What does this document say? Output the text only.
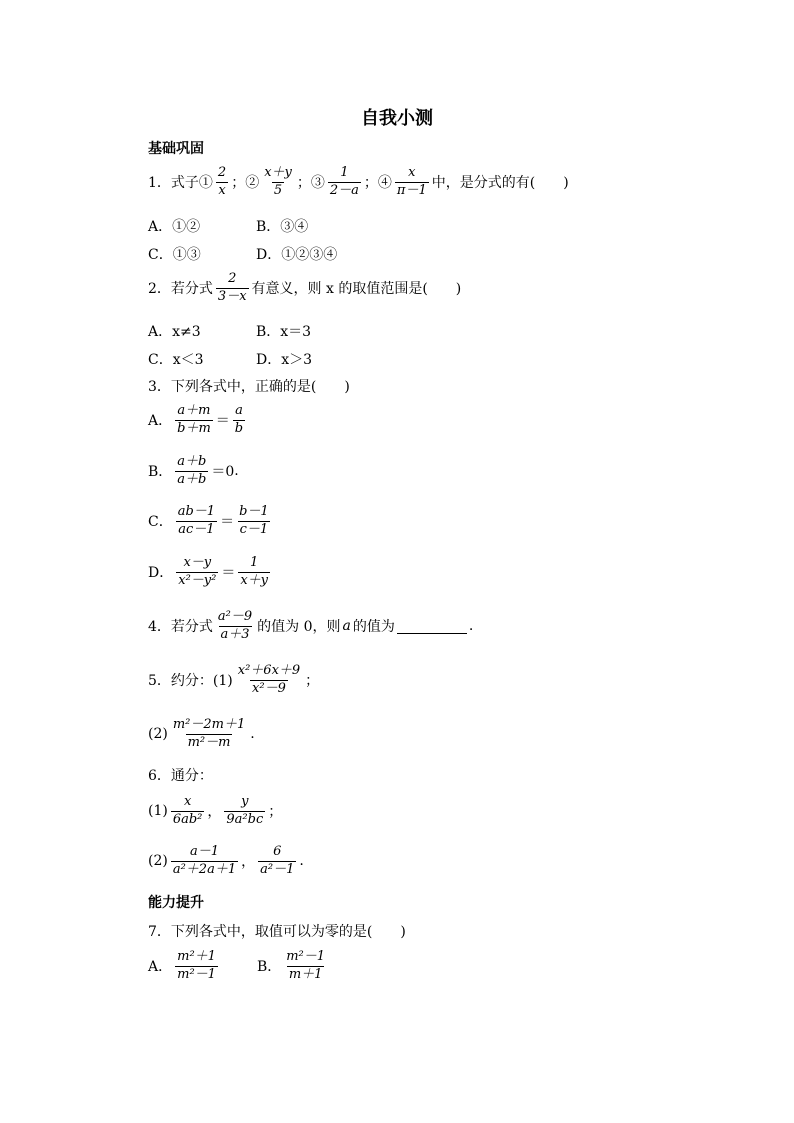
自我小测
基础巩固
1．式子① $\frac{2}{x}$ ；② $\frac{x+y}{5}$ ；③ $\frac{1}{2-a}$ ；④ $\frac{x}{\pi-1}$ 中，是分式的有(　　)
A．①②	B．③④
C．①③	D．①②③④
2．若分式 $\frac{2}{3-x}$ 有意义，则 x 的取值范围是(　　)
A．x≠3	B．x＝3
C．x＜3	D．x＞3
3．下列各式中，正确的是(　　)
A． $\frac{a+m}{b+m} = \frac{a}{b}$
B． $\frac{a+b}{a+b} =0$ .
C． $\frac{ab-1}{ac-1} = \frac{b-1}{c-1}$
D． $\frac{x-y}{\text{x²－y²}} = \frac{1}{x+y}$
4．若分式 $\frac{\text{a²－9}}{a+3}$ 的值为 0，则 a 的值为	.
5．约分：$(1) \frac{\text{x²＋6x＋9}}{\text{x²－9}}$ ；
$(2) \frac{\text{m²－2m＋1}}{\text{m²－m}}$ .
6．通分：
$(1) \frac{x}{\text{6ab²}}$ ， $\frac{y}{\text{9a²bc}}$ ；
$(2) \frac{a-1}{\text{a²＋2a＋1}}$ ， $\frac{6}{\text{a²－1}}$ .
能力提升
7．下列各式中，取值可以为零的是(　　)
A． $\frac{\text{m²＋1}}{\text{m²－1}}$	B． $\frac{\text{m²－1}}{m+1}$
